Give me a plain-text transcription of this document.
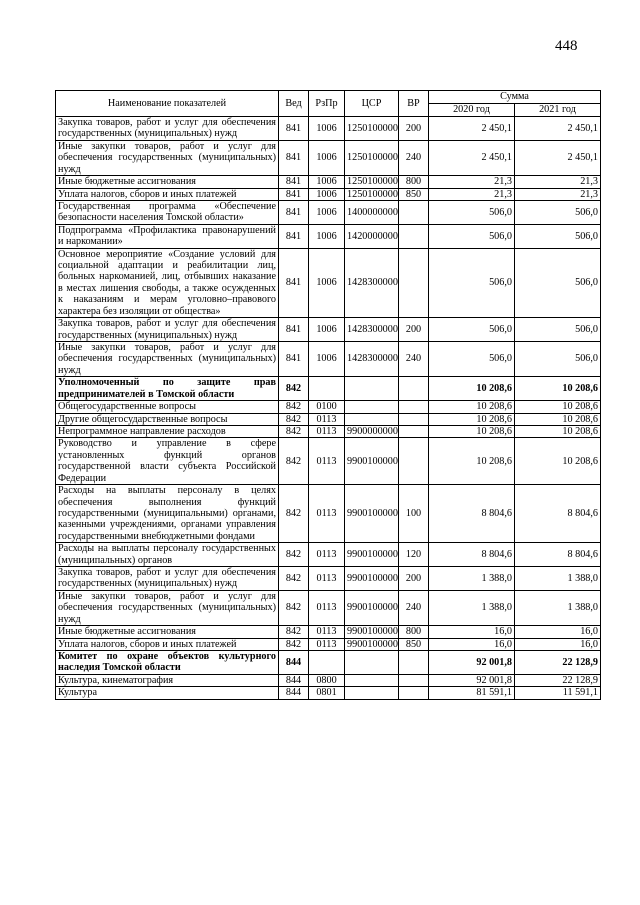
448
Наименование показателей	Вед	РзПр	ЦСР	ВР	Сумма	
					2020 год	2021 год
Закупка товаров, работ и услуг для обеспечения государственных (муниципальных) нужд	841	1006	1250100000	200	2 450,1	2 450,1
Иные закупки товаров, работ и услуг для обеспечения государственных (муниципальных) нужд	841	1006	1250100000	240	2 450,1	2 450,1
Иные бюджетные ассигнования	841	1006	1250100000	800	21,3	21,3
Уплата налогов, сборов и иных платежей	841	1006	1250100000	850	21,3	21,3
Государственная программа «Обеспечение безопасности населения Томской области»	841	1006	1400000000		506,0	506,0
Подпрограмма «Профилактика правонарушений и наркомании»	841	1006	1420000000		506,0	506,0
Основное мероприятие «Создание условий для социальной адаптации и реабилитации лиц, больных наркоманией, лиц, отбывших наказание в местах лишения свободы, а также осужденных к наказаниям и мерам уголовно–правового характера без изоляции от общества»	841	1006	1428300000		506,0	506,0
Закупка товаров, работ и услуг для обеспечения государственных (муниципальных) нужд	841	1006	1428300000	200	506,0	506,0
Иные закупки товаров, работ и услуг для обеспечения государственных (муниципальных) нужд	841	1006	1428300000	240	506,0	506,0
Уполномоченный по защите прав предпринимателей в Томской области	842				10 208,6	10 208,6
Общегосударственные вопросы	842	0100			10 208,6	10 208,6
Другие общегосударственные вопросы	842	0113			10 208,6	10 208,6
Непрограммное направление расходов	842	0113	9900000000		10 208,6	10 208,6
Руководство и управление в сфере установленных функций органов государственной власти субъекта Российской Федерации	842	0113	9900100000		10 208,6	10 208,6
Расходы на выплаты персоналу в целях обеспечения выполнения функций государственными (муниципальными) органами, казенными учреждениями, органами управления государственными внебюджетными фондами	842	0113	9900100000	100	8 804,6	8 804,6
Расходы на выплаты персоналу государственных (муниципальных) органов	842	0113	9900100000	120	8 804,6	8 804,6
Закупка товаров, работ и услуг для обеспечения государственных (муниципальных) нужд	842	0113	9900100000	200	1 388,0	1 388,0
Иные закупки товаров, работ и услуг для обеспечения государственных (муниципальных) нужд	842	0113	9900100000	240	1 388,0	1 388,0
Иные бюджетные ассигнования	842	0113	9900100000	800	16,0	16,0
Уплата налогов, сборов и иных платежей	842	0113	9900100000	850	16,0	16,0
Комитет по охране объектов культурного наследия Томской области	844				92 001,8	22 128,9
Культура, кинематография	844	0800			92 001,8	22 128,9
Культура	844	0801			81 591,1	11 591,1
